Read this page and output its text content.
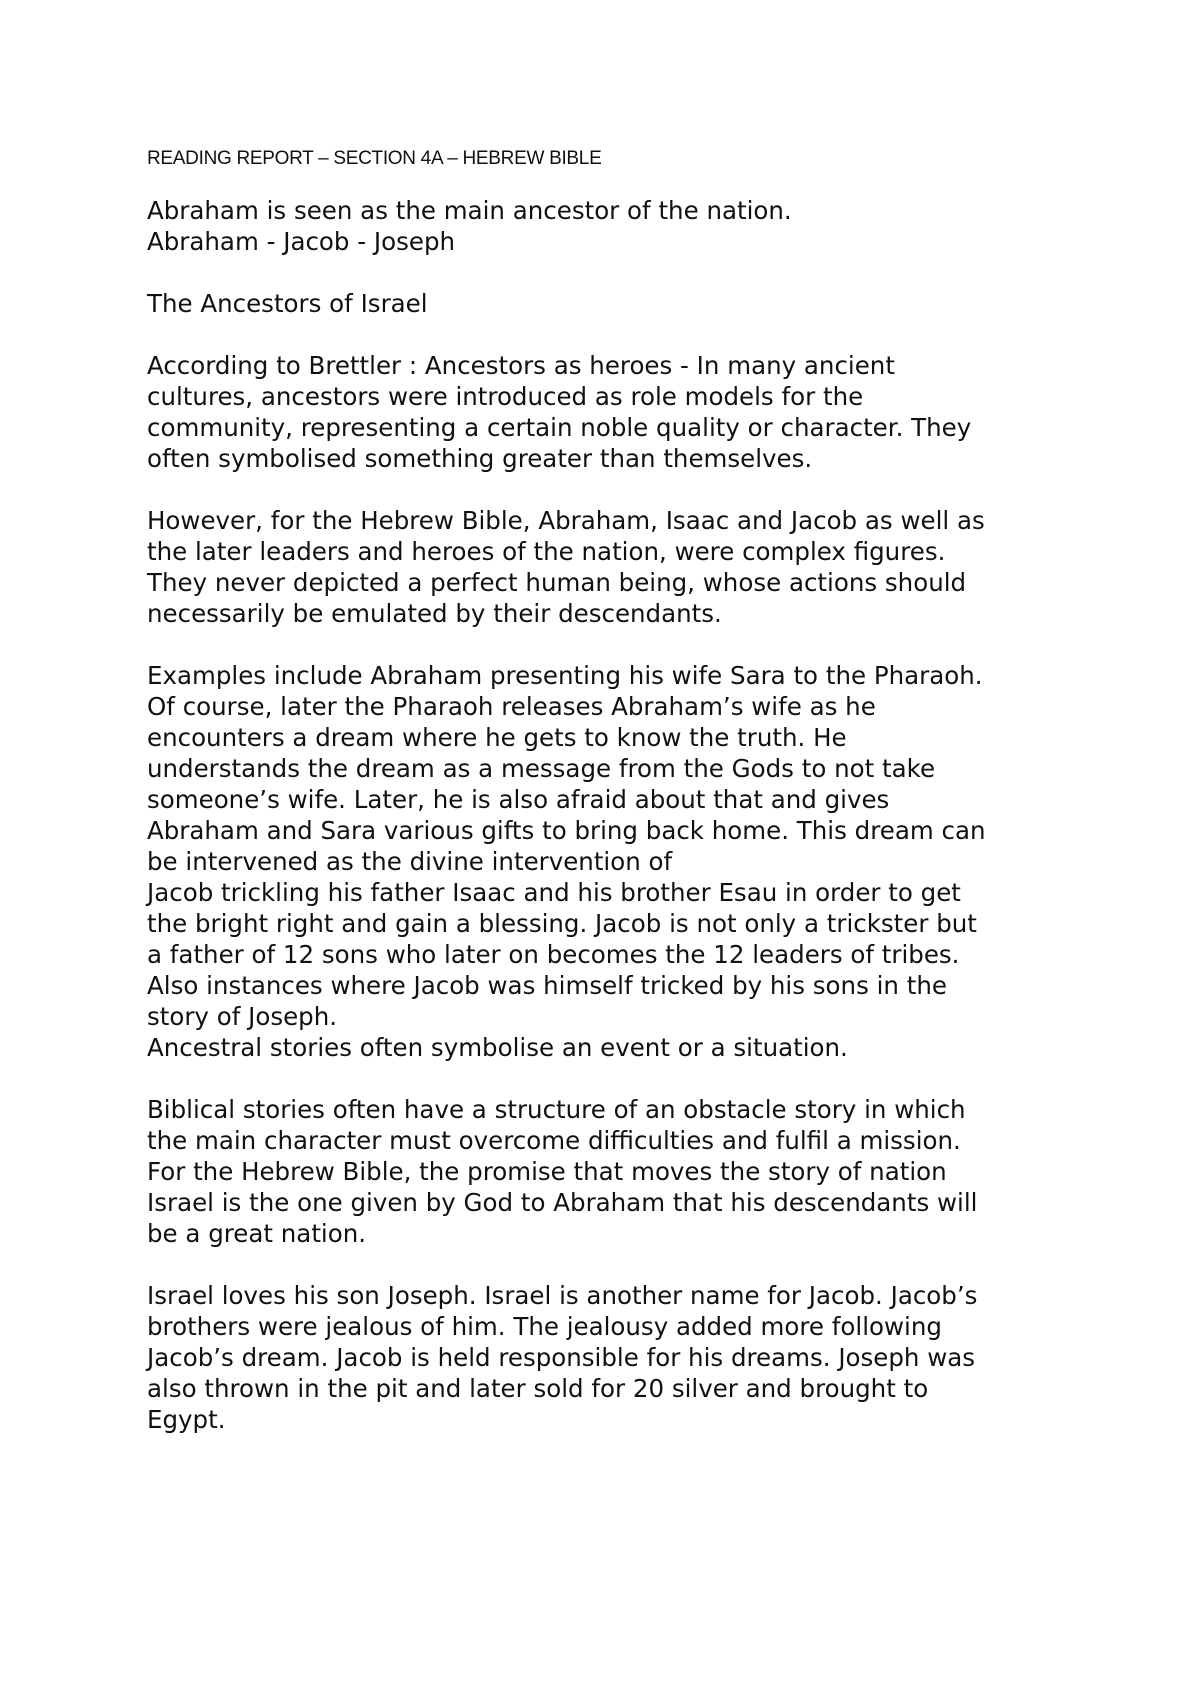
READING REPORT – SECTION 4A – HEBREW BIBLE
Abraham is seen as the main ancestor of the nation.
Abraham - Jacob - Joseph
The Ancestors of Israel
According to Brettler : Ancestors as heroes - In many ancient
cultures, ancestors were introduced as role models for the
community, representing a certain noble quality or character. They
often symbolised something greater than themselves.
However, for the Hebrew Bible, Abraham, Isaac and Jacob as well as
the later leaders and heroes of the nation, were complex figures.
They never depicted a perfect human being, whose actions should
necessarily be emulated by their descendants.
Examples include Abraham presenting his wife Sara to the Pharaoh.
Of course, later the Pharaoh releases Abraham’s wife as he
encounters a dream where he gets to know the truth. He
understands the dream as a message from the Gods to not take
someone’s wife. Later, he is also afraid about that and gives
Abraham and Sara various gifts to bring back home. This dream can
be intervened as the divine intervention of
Jacob trickling his father Isaac and his brother Esau in order to get
the bright right and gain a blessing. Jacob is not only a trickster but
a father of 12 sons who later on becomes the 12 leaders of tribes.
Also instances where Jacob was himself tricked by his sons in the
story of Joseph.
Ancestral stories often symbolise an event or a situation.
Biblical stories often have a structure of an obstacle story in which
the main character must overcome difficulties and fulfil a mission.
For the Hebrew Bible, the promise that moves the story of nation
Israel is the one given by God to Abraham that his descendants will
be a great nation.
Israel loves his son Joseph. Israel is another name for Jacob. Jacob’s
brothers were jealous of him. The jealousy added more following
Jacob’s dream. Jacob is held responsible for his dreams. Joseph was
also thrown in the pit and later sold for 20 silver and brought to
Egypt.
